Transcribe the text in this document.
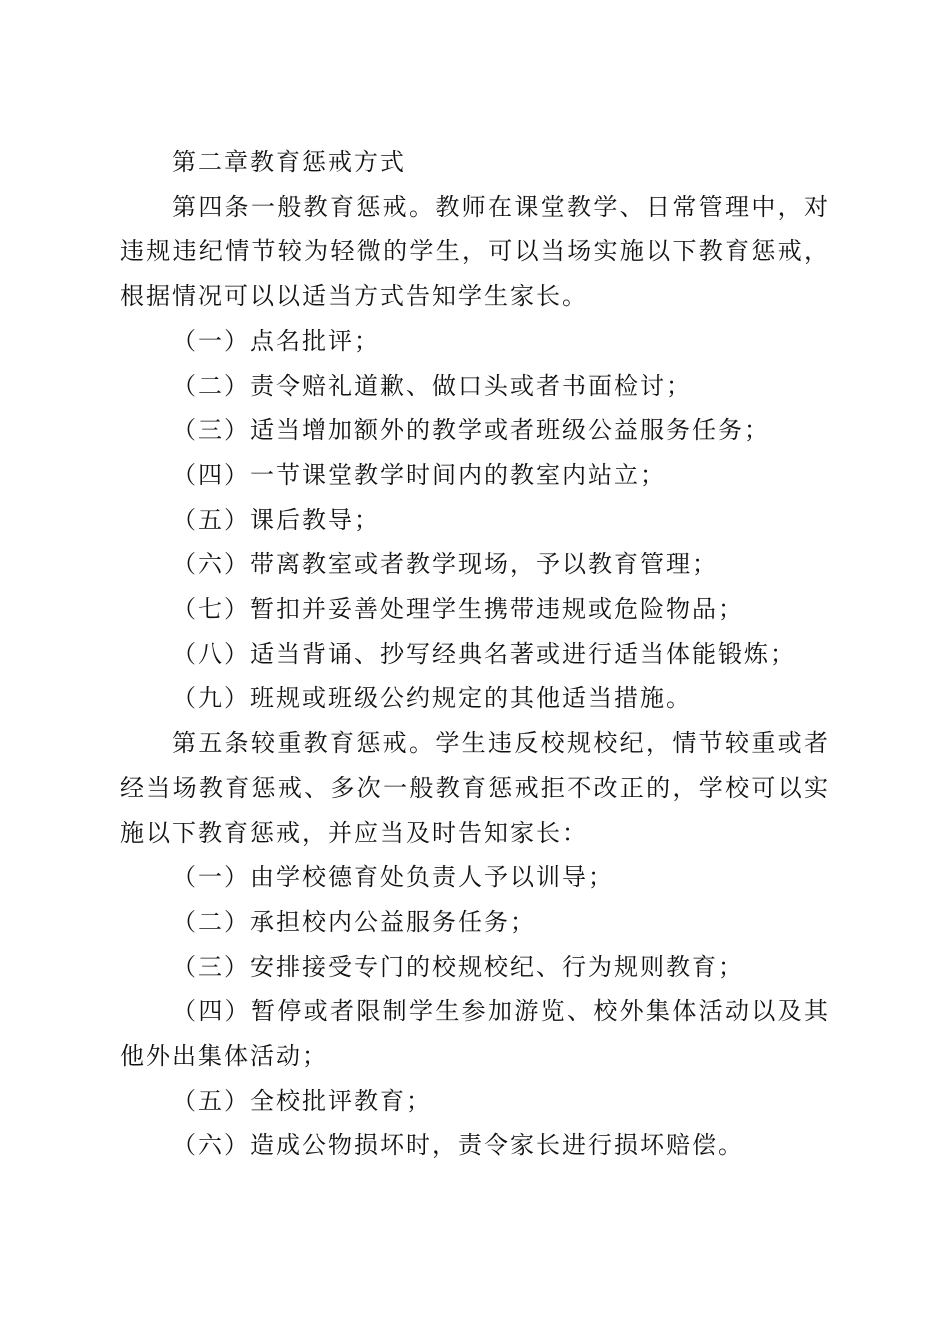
第二章教育惩戒方式

第四条一般教育惩戒。教师在课堂教学、日常管理中，对违规违纪情节较为轻微的学生，可以当场实施以下教育惩戒，根据情况可以以适当方式告知学生家长。

（一）点名批评；

（二）责令赔礼道歉、做口头或者书面检讨；

（三）适当增加额外的教学或者班级公益服务任务；

（四）一节课堂教学时间内的教室内站立；

（五）课后教导；

（六）带离教室或者教学现场，予以教育管理；

（七）暂扣并妥善处理学生携带违规或危险物品；

（八）适当背诵、抄写经典名著或进行适当体能锻炼；

（九）班规或班级公约规定的其他适当措施。

第五条较重教育惩戒。学生违反校规校纪，情节较重或者经当场教育惩戒、多次一般教育惩戒拒不改正的，学校可以实施以下教育惩戒，并应当及时告知家长：

（一）由学校德育处负责人予以训导；

（二）承担校内公益服务任务；

（三）安排接受专门的校规校纪、行为规则教育；

（四）暂停或者限制学生参加游览、校外集体活动以及其他外出集体活动；

（五）全校批评教育；

（六）造成公物损坏时，责令家长进行损坏赔偿。
